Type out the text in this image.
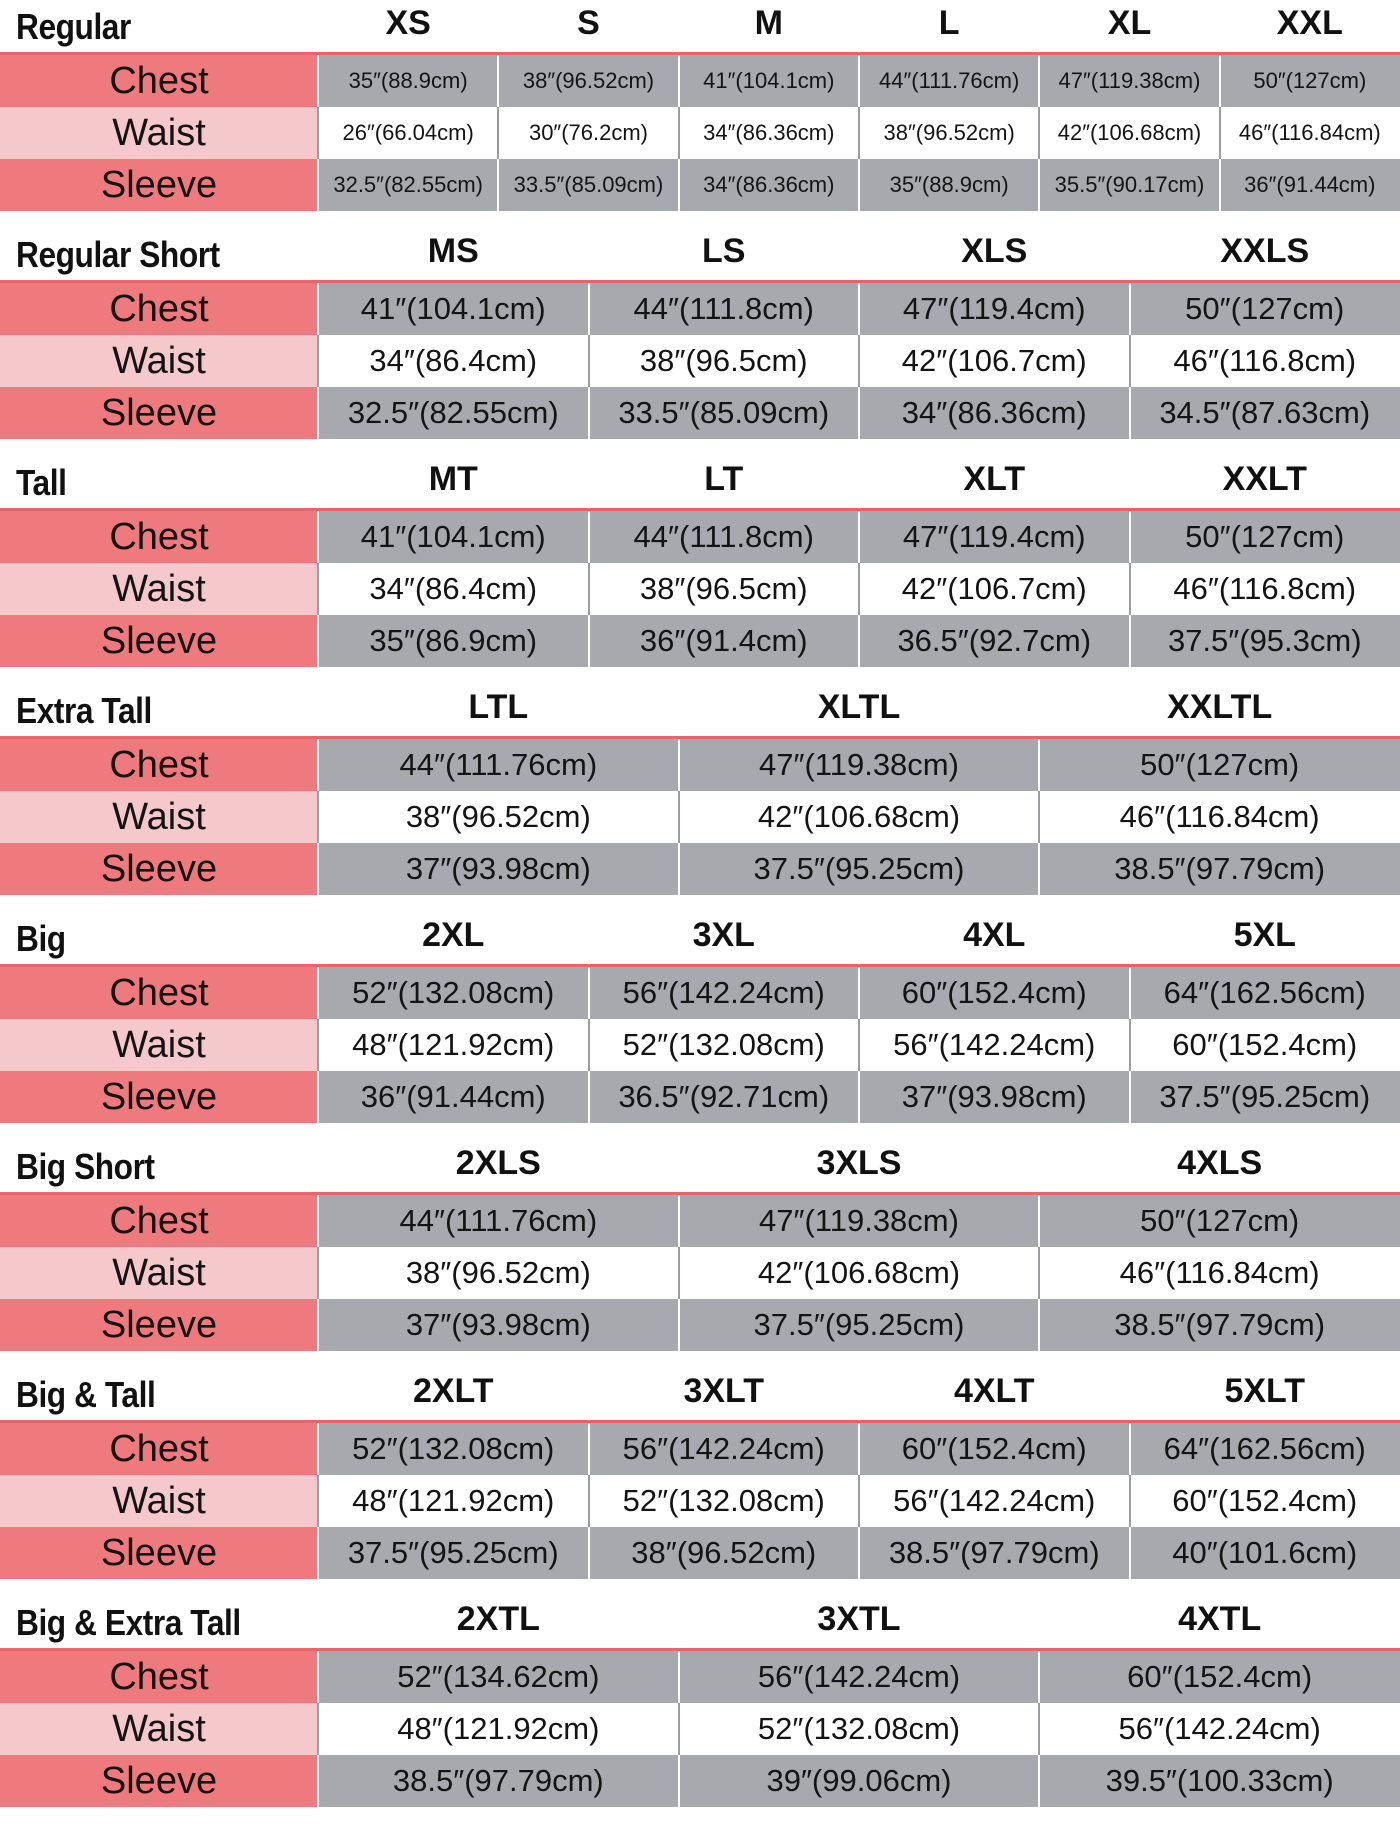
Regular	XS	S	M	L	XL	XXL
Chest	35″(88.9cm)	38″(96.52cm)	41″(104.1cm)	44″(111.76cm)	47″(119.38cm)	50″(127cm)
Waist	26″(66.04cm)	30″(76.2cm)	34″(86.36cm)	38″(96.52cm)	42″(106.68cm)	46″(116.84cm)
Sleeve	32.5″(82.55cm)	33.5″(85.09cm)	34″(86.36cm)	35″(88.9cm)	35.5″(90.17cm)	36″(91.44cm)
Regular Short	MS	LS	XLS	XXLS
Chest	41″(104.1cm)	44″(111.8cm)	47″(119.4cm)	50″(127cm)
Waist	34″(86.4cm)	38″(96.5cm)	42″(106.7cm)	46″(116.8cm)
Sleeve	32.5″(82.55cm)	33.5″(85.09cm)	34″(86.36cm)	34.5″(87.63cm)
Tall	MT	LT	XLT	XXLT
Chest	41″(104.1cm)	44″(111.8cm)	47″(119.4cm)	50″(127cm)
Waist	34″(86.4cm)	38″(96.5cm)	42″(106.7cm)	46″(116.8cm)
Sleeve	35″(86.9cm)	36″(91.4cm)	36.5″(92.7cm)	37.5″(95.3cm)
Extra Tall	LTL	XLTL	XXLTL
Chest	44″(111.76cm)	47″(119.38cm)	50″(127cm)
Waist	38″(96.52cm)	42″(106.68cm)	46″(116.84cm)
Sleeve	37″(93.98cm)	37.5″(95.25cm)	38.5″(97.79cm)
Big	2XL	3XL	4XL	5XL
Chest	52″(132.08cm)	56″(142.24cm)	60″(152.4cm)	64″(162.56cm)
Waist	48″(121.92cm)	52″(132.08cm)	56″(142.24cm)	60″(152.4cm)
Sleeve	36″(91.44cm)	36.5″(92.71cm)	37″(93.98cm)	37.5″(95.25cm)
Big Short	2XLS	3XLS	4XLS
Chest	44″(111.76cm)	47″(119.38cm)	50″(127cm)
Waist	38″(96.52cm)	42″(106.68cm)	46″(116.84cm)
Sleeve	37″(93.98cm)	37.5″(95.25cm)	38.5″(97.79cm)
Big & Tall	2XLT	3XLT	4XLT	5XLT
Chest	52″(132.08cm)	56″(142.24cm)	60″(152.4cm)	64″(162.56cm)
Waist	48″(121.92cm)	52″(132.08cm)	56″(142.24cm)	60″(152.4cm)
Sleeve	37.5″(95.25cm)	38″(96.52cm)	38.5″(97.79cm)	40″(101.6cm)
Big & Extra Tall	2XTL	3XTL	4XTL
Chest	52″(134.62cm)	56″(142.24cm)	60″(152.4cm)
Waist	48″(121.92cm)	52″(132.08cm)	56″(142.24cm)
Sleeve	38.5″(97.79cm)	39″(99.06cm)	39.5″(100.33cm)
